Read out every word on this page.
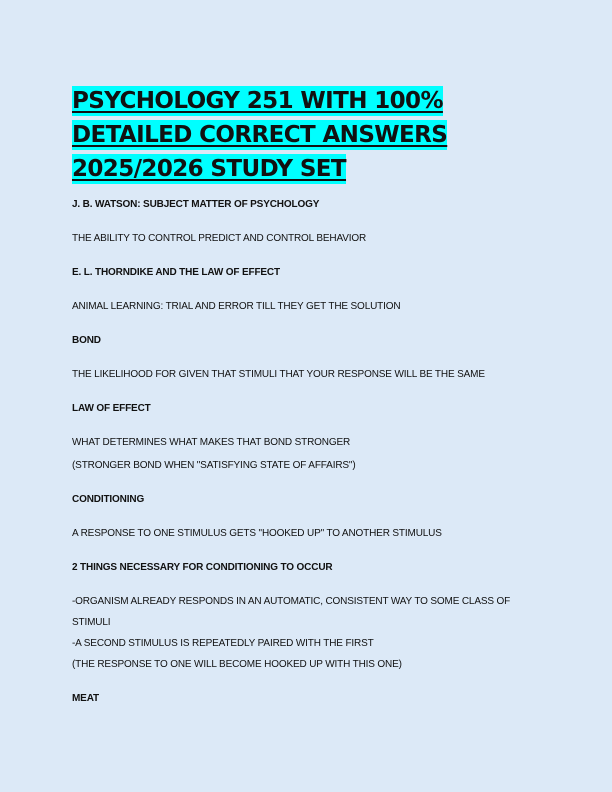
PSYCHOLOGY 251 WITH 100% DETAILED CORRECT ANSWERS 2025/2026 STUDY SET

J. B. WATSON: SUBJECT MATTER OF PSYCHOLOGY

THE ABILITY TO CONTROL PREDICT AND CONTROL BEHAVIOR

E. L. THORNDIKE AND THE LAW OF EFFECT

ANIMAL LEARNING: TRIAL AND ERROR TILL THEY GET THE SOLUTION

BOND

THE LIKELIHOOD FOR GIVEN THAT STIMULI THAT YOUR RESPONSE WILL BE THE SAME

LAW OF EFFECT

WHAT DETERMINES WHAT MAKES THAT BOND STRONGER
(STRONGER BOND WHEN "SATISFYING STATE OF AFFAIRS")

CONDITIONING

A RESPONSE TO ONE STIMULUS GETS "HOOKED UP" TO ANOTHER STIMULUS

2 THINGS NECESSARY FOR CONDITIONING TO OCCUR

-ORGANISM ALREADY RESPONDS IN AN AUTOMATIC, CONSISTENT WAY TO SOME CLASS OF STIMULI
-A SECOND STIMULUS IS REPEATEDLY PAIRED WITH THE FIRST
(THE RESPONSE TO ONE WILL BECOME HOOKED UP WITH THIS ONE)

MEAT
